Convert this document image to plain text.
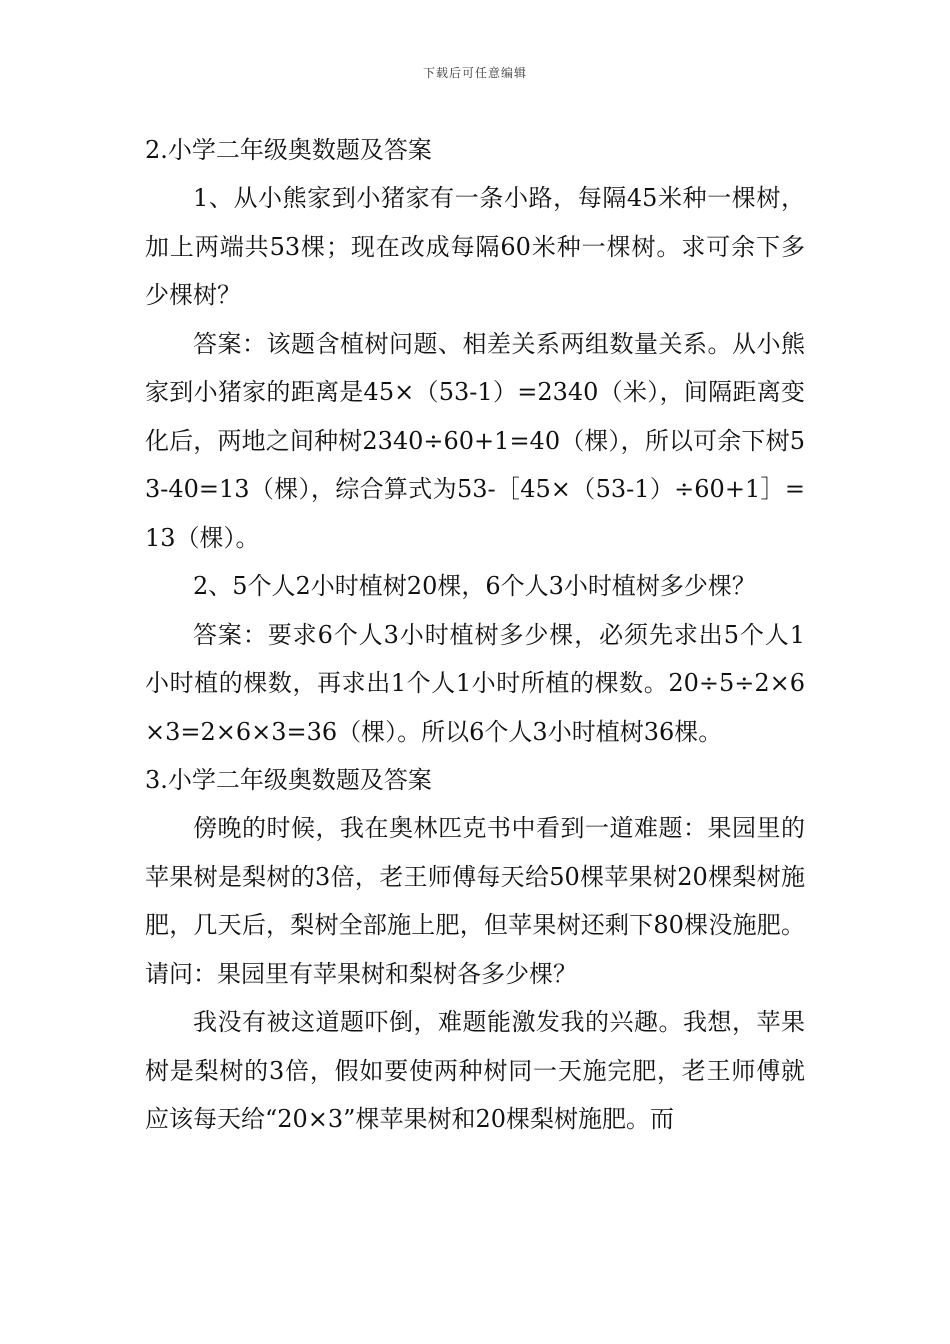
下载后可任意编辑
2.小学二年级奥数题及答案

1、从小熊家到小猪家有一条小路，每隔45米种一棵树，加上两端共53棵；现在改成每隔60米种一棵树。求可余下多少棵树？

答案：该题含植树问题、相差关系两组数量关系。从小熊家到小猪家的距离是45×（53-1）=2340（米），间隔距离变化后，两地之间种树2340÷60+1=40（棵），所以可余下树53-40=13（棵），综合算式为53-［45×（53-1）÷60+1］=13（棵）。

2、5个人2小时植树20棵，6个人3小时植树多少棵？

答案：要求6个人3小时植树多少棵，必须先求出5个人1小时植的棵数，再求出1个人1小时所植的棵数。20÷5÷2×6×3=2×6×3=36（棵）。所以6个人3小时植树36棵。

3.小学二年级奥数题及答案

傍晚的时候，我在奥林匹克书中看到一道难题：果园里的苹果树是梨树的3倍，老王师傅每天给50棵苹果树20棵梨树施肥，几天后，梨树全部施上肥，但苹果树还剩下80棵没施肥。请问：果园里有苹果树和梨树各多少棵？

我没有被这道题吓倒，难题能激发我的兴趣。我想，苹果树是梨树的3倍，假如要使两种树同一天施完肥，老王师傅就应该每天给“20×3”棵苹果树和20棵梨树施肥。而
